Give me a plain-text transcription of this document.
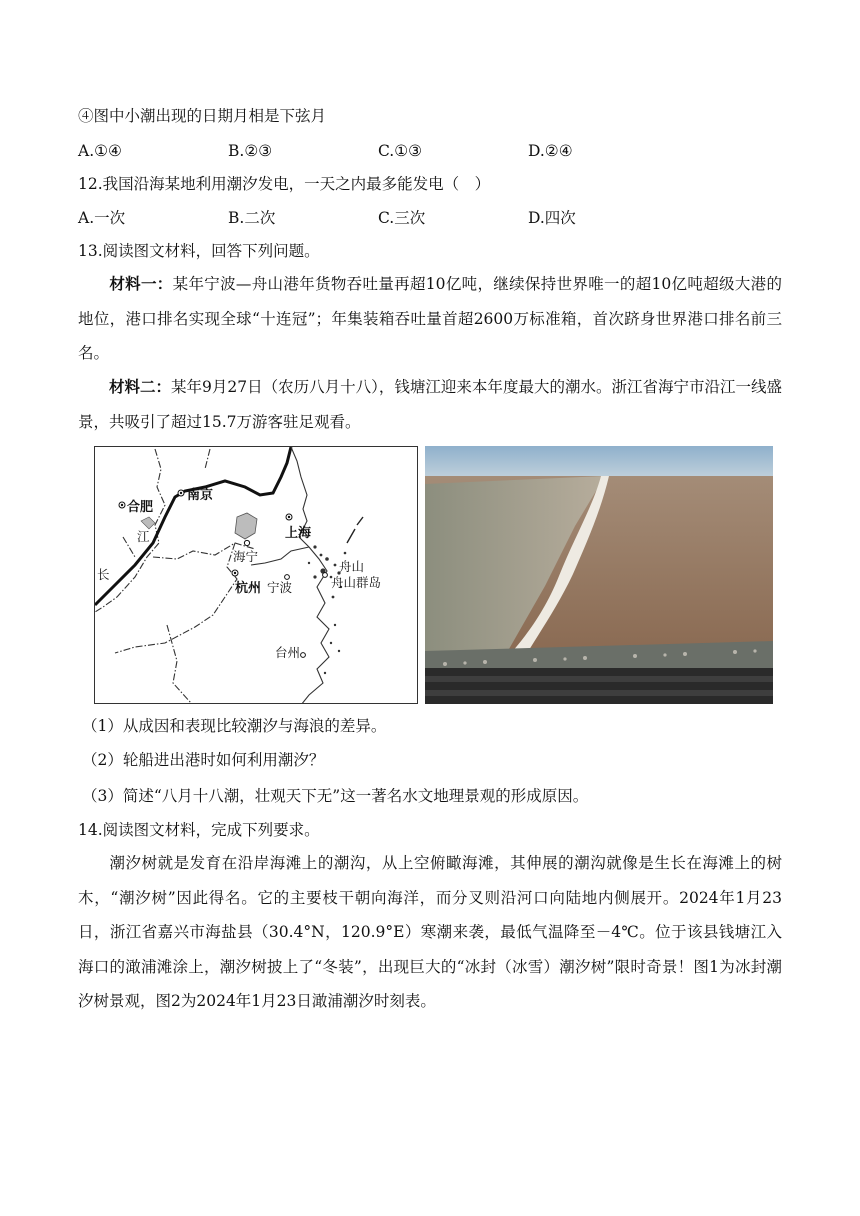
④图中小潮出现的日期月相是下弦月
A.①④	B.②③	C.①③	D.②④
12.我国沿海某地利用潮汐发电，一天之内最多能发电（　）
A.一次	B.二次	C.三次	D.四次
13.阅读图文材料，回答下列问题。
材料一：某年宁波—舟山港年货物吞吐量再超10亿吨，继续保持世界唯一的超10亿吨超级大港的地位，港口排名实现全球“十连冠”；年集装箱吞吐量首超2600万标准箱，首次跻身世界港口排名前三名。
材料二：某年9月27日（农历八月十八），钱塘江迎来本年度最大的潮水。浙江省海宁市沿江一线盛景，共吸引了超过15.7万游客驻足观看。
南京
合肥
上海
海宁
杭州 宁波
舟山
舟山群岛
台州
长
江
（1）从成因和表现比较潮汐与海浪的差异。
（2）轮船进出港时如何利用潮汐？
（3）简述“八月十八潮，壮观天下无”这一著名水文地理景观的形成原因。
14.阅读图文材料，完成下列要求。
潮汐树就是发育在沿岸海滩上的潮沟，从上空俯瞰海滩，其伸展的潮沟就像是生长在海滩上的树木，“潮汐树”因此得名。它的主要枝干朝向海洋，而分叉则沿河口向陆地内侧展开。2024年1月23日，浙江省嘉兴市海盐县（30.4°N，120.9°E）寒潮来袭，最低气温降至－4℃。位于该县钱塘江入海口的澉浦滩涂上，潮汐树披上了“冬装”，出现巨大的“冰封（冰雪）潮汐树”限时奇景！图1为冰封潮汐树景观，图2为2024年1月23日澉浦潮汐时刻表。
